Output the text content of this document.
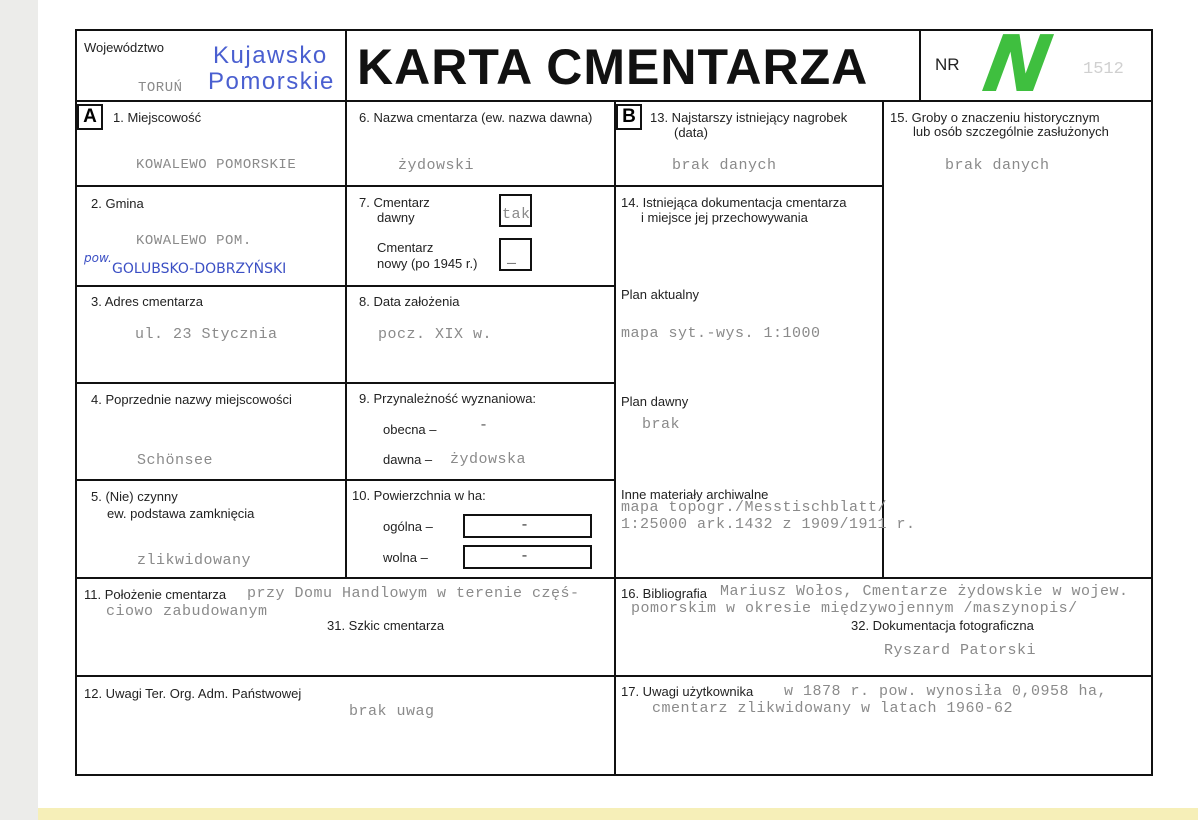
Województwo
TORUŃ
Kujawsko
Pomorskie KARTA CMENTARZA	NR N 1512
A	B
1. Miejscowość
KOWALEWO POMORSKIE
6. Nazwa cmentarza (ew. nazwa dawna)
żydowski
13. Najstarszy istniejący nagrobek
(data)
brak danych
15. Groby o znaczeniu historycznym
lub osób szczególnie zasłużonych
brak danych
2. Gmina
KOWALEWO POM.
pow.
GOLUBSKO-DOBRZYŃSKI
7. Cmentarz
dawny	tak
Cmentarz
nowy (po 1945 r.) _
14. Istniejąca dokumentacja cmentarza
i miejsce jej przechowywania
3. Adres cmentarza
ul. 23 Stycznia
8. Data założenia
pocz. XIX w.
Plan aktualny
mapa syt.-wys. 1:1000
4. Poprzednie nazwy miejscowości
Schönsee
9. Przynależność wyznaniowa:
obecna –	-
dawna – żydowska
Plan dawny
brak
5. (Nie) czynny
ew. podstawa zamknięcia
zlikwidowany
10. Powierzchnia w ha:
ogólna –	-
wolna –	-
Inne materiały archiwalne
mapa topogr./Messtischblatt/
1:25000 ark.1432 z 1909/1911 r.
11. Położenie cmentarza przy Domu Handlowym w terenie częś-
ciowo zabudowanym
31. Szkic cmentarza
16. Bibliografia Mariusz Wołos, Cmentarze żydowskie w wojew.
pomorskim w okresie międzywojennym /maszynopis/
32. Dokumentacja fotograficzna
Ryszard Patorski
12. Uwagi Ter. Org. Adm. Państwowej
brak uwag
17. Uwagi użytkownika w 1878 r. pow. wynosiła 0,0958 ha,
cmentarz zlikwidowany w latach 1960-62
